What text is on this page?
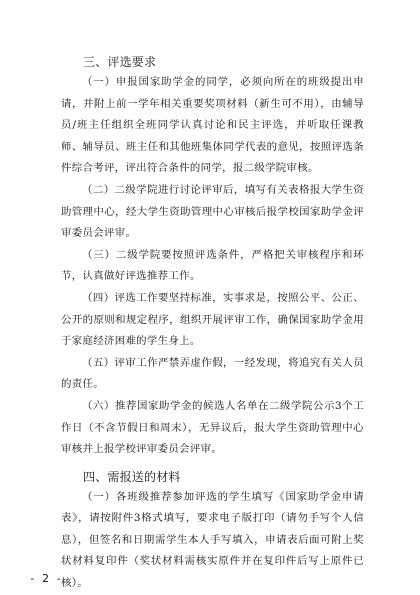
三、评选要求

（一）申报国家助学金的同学，必须向所在的班级提出申请，并附上前一学年相关重要奖项材料（新生可不用），由辅导员/班主任组织全班同学认真讨论和民主评选，并听取任课教师、辅导员、班主任和其他班集体同学代表的意见，按照评选条件综合考评，评出符合条件的同学，报二级学院审核。

（二）二级学院进行讨论评审后，填写有关表格报大学生资助管理中心，经大学生资助管理中心审核后报学校国家助学金评审委员会评审。

（三）二级学院要按照评选条件，严格把关审核程序和环节，认真做好评选推荐工作。

（四）评选工作要坚持标准，实事求是，按照公平、公正、公开的原则和规定程序，组织开展评审工作，确保国家助学金用于家庭经济困难的学生身上。

（五）评审工作严禁弄虚作假，一经发现，将追究有关人员的责任。

（六）推荐国家助学金的候选人名单在二级学院公示3个工作日（不含节假日和周末），无异议后，报大学生资助管理中心审核并上报学校评审委员会评审。

四、需报送的材料

（一）各班级推荐参加评选的学生填写《国家助学金申请表》，请按附件3格式填写，要求电子版打印（请勿手写个人信息），但签名和日期需学生本人手写填入，申请表后面可附上奖状材料复印件（奖状材料需核实原件并在复印件后写上原件已核）。

- 2 -
